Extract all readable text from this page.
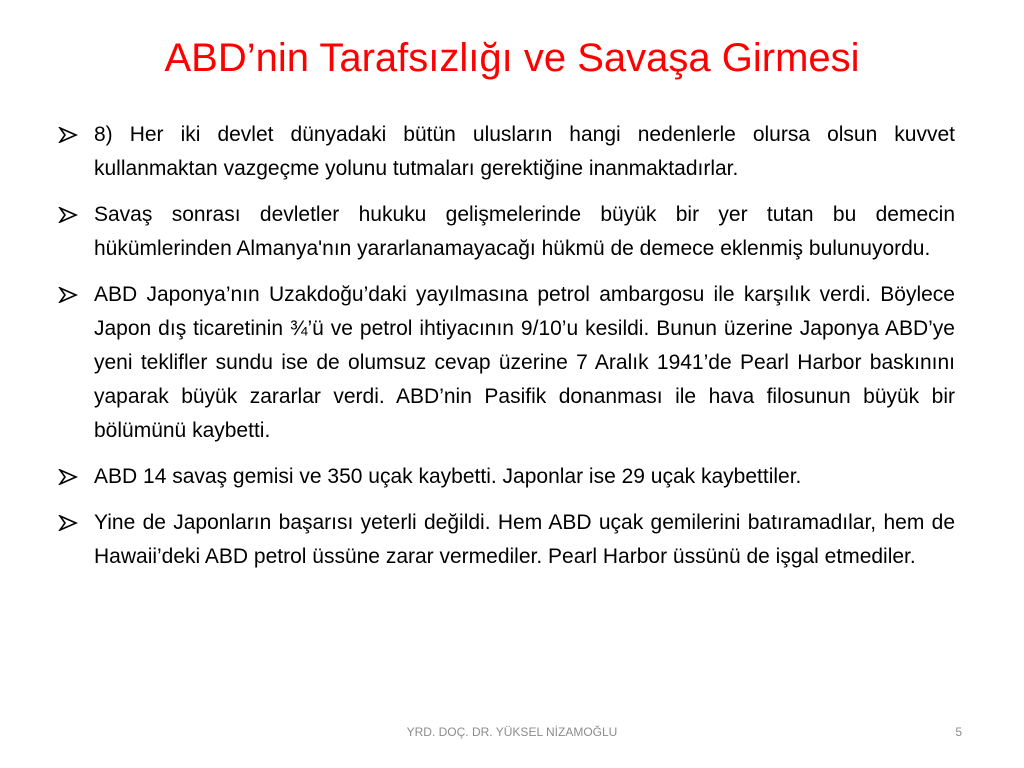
ABD’nin Tarafsızlığı ve Savaşa Girmesi
8) Her iki devlet dünyadaki bütün ulusların hangi nedenlerle olursa olsun kuvvet kullanmaktan vazgeçme yolunu tutmaları gerektiğine inanmaktadırlar.
Savaş sonrası devletler hukuku gelişmelerinde büyük bir yer tutan bu demecin hükümlerinden Almanya'nın yararlanamayacağı hükmü de demece eklenmiş bulunuyordu.
ABD Japonya’nın Uzakdoğu’daki yayılmasına petrol ambargosu ile karşılık verdi. Böylece Japon dış ticaretinin ¾’ü ve petrol ihtiyacının 9/10’u kesildi. Bunun üzerine Japonya ABD’ye yeni teklifler sundu ise de olumsuz cevap üzerine 7 Aralık 1941’de Pearl Harbor baskınını yaparak büyük zararlar verdi. ABD’nin Pasifik donanması ile hava filosunun büyük bir bölümünü kaybetti.
ABD 14 savaş gemisi ve 350 uçak kaybetti. Japonlar ise 29 uçak kaybettiler.
Yine de Japonların başarısı yeterli değildi. Hem ABD uçak gemilerini batıramadılar, hem de Hawaii’deki ABD petrol üssüne zarar vermediler. Pearl Harbor üssünü de işgal etmediler.
YRD. DOÇ. DR. YÜKSEL NİZAMOĞLU	5
